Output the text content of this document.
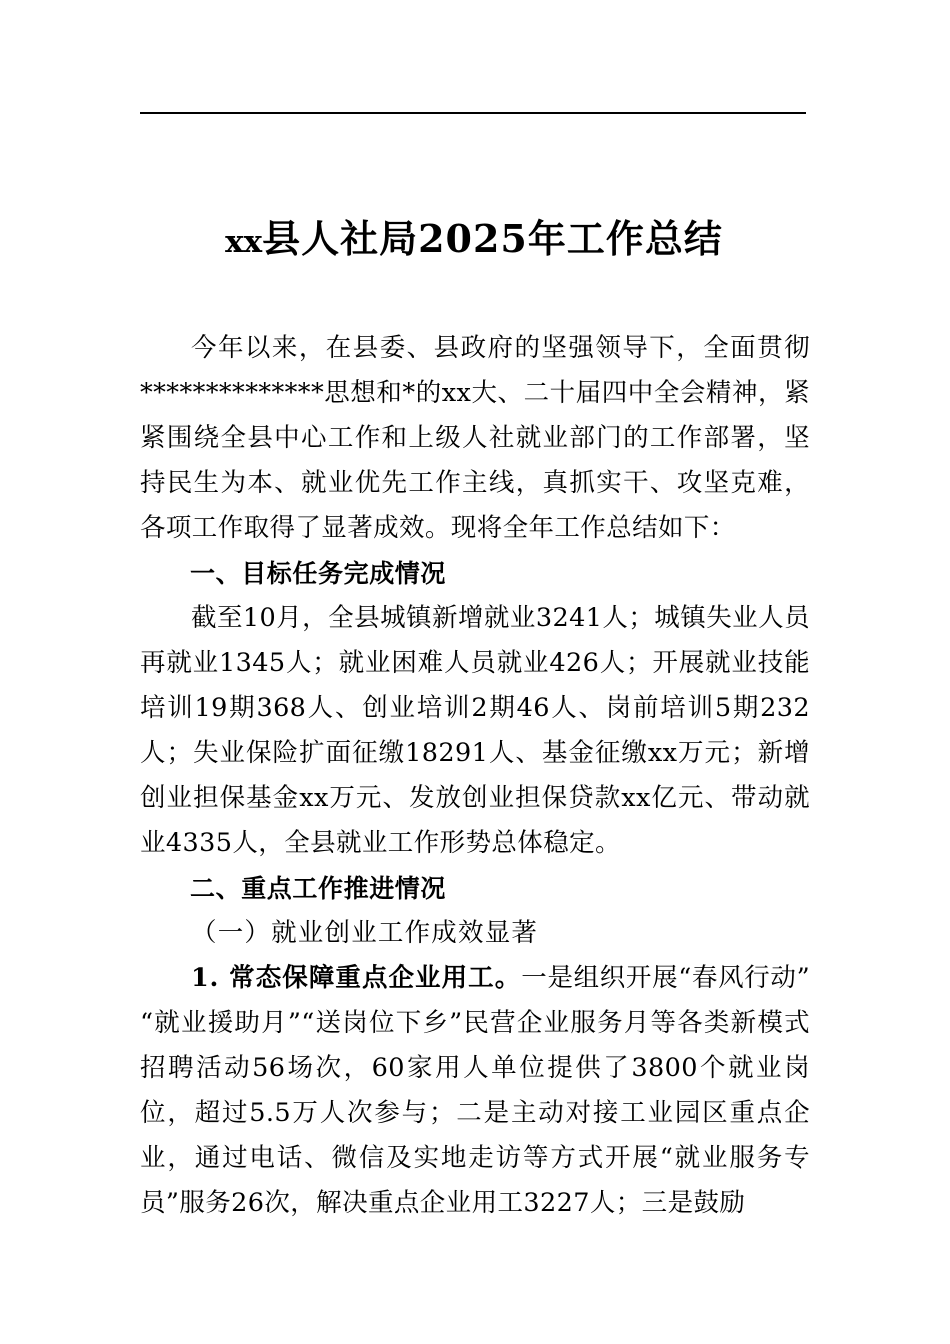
xx县人社局2025年工作总结

今年以来，在县委、县政府的坚强领导下，全面贯彻**************思想和*的xx大、二十届四中全会精神，紧紧围绕全县中心工作和上级人社就业部门的工作部署，坚持民生为本、就业优先工作主线，真抓实干、攻坚克难，各项工作取得了显著成效。现将全年工作总结如下：

一、目标任务完成情况

截至10月，全县城镇新增就业3241人；城镇失业人员再就业1345人；就业困难人员就业426人；开展就业技能培训19期368人、创业培训2期46人、岗前培训5期232人；失业保险扩面征缴18291人、基金征缴xx万元；新增创业担保基金xx万元、发放创业担保贷款xx亿元、带动就业4335人，全县就业工作形势总体稳定。

二、重点工作推进情况

（一）就业创业工作成效显著

1. 常态保障重点企业用工。一是组织开展“春风行动”“就业援助月”“送岗位下乡”民营企业服务月等各类新模式招聘活动56场次，60家用人单位提供了3800个就业岗位，超过5.5万人次参与；二是主动对接工业园区重点企业，通过电话、微信及实地走访等方式开展“就业服务专员”服务26次，解决重点企业用工3227人；三是鼓励
